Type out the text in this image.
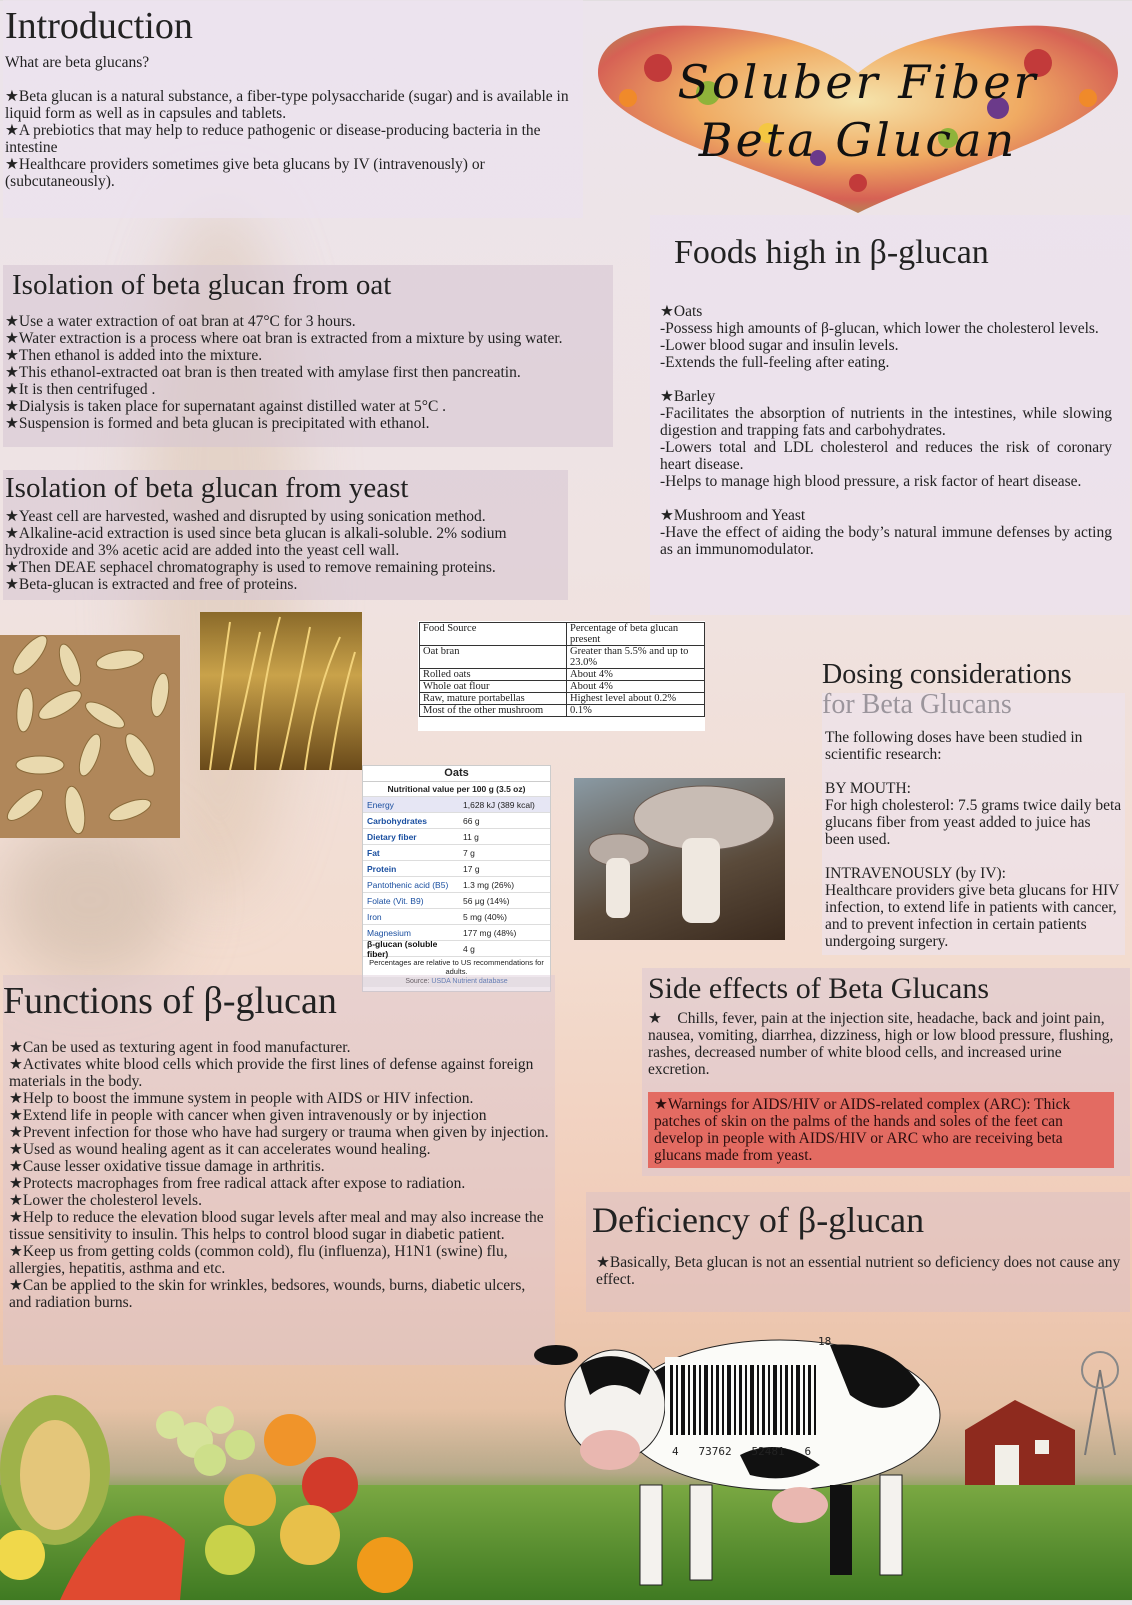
Soluber Fiber
Beta Glucan
Introduction
What are beta glucans?
★Beta glucan is a natural substance, a fiber-type polysaccharide (sugar) and is available in liquid form as well as in capsules and tablets.
★A prebiotics that may help to reduce pathogenic or disease-producing bacteria in the intestine
★Healthcare providers sometimes give beta glucans by IV (intravenously) or (subcutaneously).
Isolation of beta glucan from oat
★Use a water extraction of oat bran at 47°C for 3 hours.
★Water extraction is a process where oat bran is extracted from a mixture by using water.
★Then ethanol is added into the mixture.
★This ethanol-extracted oat bran is then treated with amylase first then pancreatin.
★It is then centrifuged .
★Dialysis is taken place for supernatant against distilled water at 5°C .
★Suspension is formed and beta glucan is precipitated with ethanol.
Isolation of beta glucan from yeast
★Yeast cell are harvested, washed and disrupted by using sonication method.
★Alkaline-acid extraction is used since beta glucan is alkali-soluble. 2% sodium hydroxide and 3% acetic acid are added into the yeast cell wall.
★Then DEAE sephacel chromatography is used to remove remaining proteins.
★Beta-glucan is extracted and free of proteins.
Foods high in β-glucan
★Oats
-Possess high amounts of β-glucan, which lower the cholesterol levels.
-Lower blood sugar and insulin levels.
-Extends the full-feeling after eating.
★Barley
-Facilitates the absorption of nutrients in the intestines, while slowing digestion and trapping fats and carbohydrates.
-Lowers total and LDL cholesterol and reduces the risk of coronary heart disease.
-Helps to manage high blood pressure, a risk factor of heart disease.
★Mushroom and Yeast
-Have the effect of aiding the body’s natural immune defenses by acting as an immunomodulator.
Food Source	Percentage of beta glucan present
Oat bran	Greater than 5.5% and up to 23.0%
Rolled oats	About 4%
Whole oat flour	About 4%
Raw, mature portabellas	Highest level about 0.2%
Most of the other mushroom	0.1%
Oats
Nutritional value per 100 g (3.5 oz)
Energy	1,628 kJ (389 kcal)
Carbohydrates	66 g
Dietary fiber	11 g
Fat	7 g
Protein	17 g
Pantothenic acid (B5)	1.3 mg (26%)
Folate (Vit. B9)	56 μg (14%)
Iron	5 mg (40%)
Magnesium	177 mg (48%)
β-glucan (soluble fiber)	4 g
Percentages are relative to US recommendations for adults.
Source: USDA Nutrient database
Dosing considerations
The following doses have been studied in scientific research:
BY MOUTH:
For high cholesterol: 7.5 grams twice daily beta glucans fiber from yeast added to juice has been used.
INTRAVENOUSLY (by IV):
Healthcare providers give beta glucans for HIV infection, to extend life in patients with cancer, and to prevent infection in certain patients undergoing surgery.
Functions of β-glucan
★Can be used as texturing agent in food manufacturer.
★Activates white blood cells which provide the first lines of defense against foreign materials in the body.
★Help to boost the immune system in people with AIDS or HIV infection.
★Extend life in people with cancer when given intravenously or by injection
★Prevent infection for those who have had surgery or trauma when given by injection.
★Used as wound healing agent as it can accelerates wound healing.
★Cause lesser oxidative tissue damage in arthritis.
★Protects macrophages from free radical attack after expose to radiation.
★Lower the cholesterol levels.
★Help to reduce the elevation blood sugar levels after meal and may also increase the tissue sensitivity to insulin. This helps to control blood sugar in diabetic patient.
★Keep us from getting colds (common cold), flu (influenza), H1N1 (swine) flu, allergies, hepatitis, asthma and etc.
★Can be applied to the skin for wrinkles, bedsores, wounds, burns, diabetic ulcers, and radiation burns.
Side effects of Beta Glucans
★    Chills, fever, pain at the injection site, headache, back and joint pain, nausea, vomiting, diarrhea, dizziness, high or low blood pressure, flushing, rashes, decreased number of white blood cells, and increased urine excretion.
★Warnings for AIDS/HIV or AIDS-related complex (ARC): Thick patches of skin on the palms of the hands and soles of the feet can develop in people with AIDS/HIV or ARC who are receiving beta glucans made from yeast.
Deficiency of β-glucan
★Basically, Beta glucan is not an essential nutrient so deficiency does not cause any effect.
18
4   73762   52481   6
